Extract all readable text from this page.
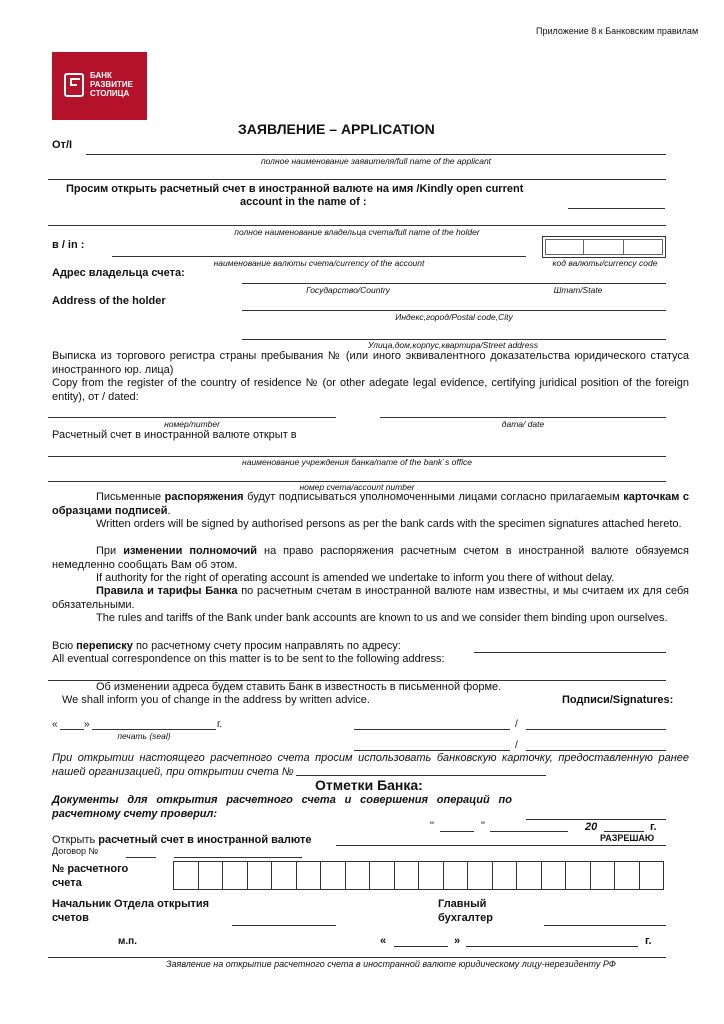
Приложение 8 к Банковским правилам
БАНК
РАЗВИТИЕ
СТОЛИЦА
ЗАЯВЛЕНИЕ – APPLICATION
От/I
полное наименование заявителя/full name of the applicant
Просим открыть расчетный счет в иностранной валюте на имя /Kindly open current
account in the name of :
полное наименование владельца счета/full name of the holder
в / in :
наименование валюты счета/currency of the account	код валюты/currency code
Адрес владельца счета:
Государство/Country	Штат/State
Address of the holder
Индекс,город/Postal code,City
Улица,дом,корпус,квартира/Street address
Выписка из торгового регистра страны пребывания № (или иного эквивалентного доказательства юридического статуса иностранного юр. лица)
Copy from the register of the country of residence № (or other adegate legal evidence, certifying juridical position of the foreign entity), от / dated:
номер/number	дата/ date
Расчетный счет в иностранной валюте открыт в
наименование учреждения банка/name of the bank`s office
номер счета/account number
Письменные распоряжения будут подписываться уполномоченными лицами согласно прилагаемым карточкам с образцами подписей.
Written orders will be signed by authorised persons as per the bank cards with the specimen signatures attached hereto.
При изменении полномочий на право распоряжения расчетным счетом в иностранной валюте обязуемся немедленно сообщать Вам об этом.
If authority for the right of operating account is amended we undertake to inform you there of without delay.
Правила и тарифы Банка по расчетным счетам в иностранной валюте нам известны, и мы считаем их для себя обязательными.
The rules and tariffs of the Bank under bank accounts are known to us and we consider them binding upon ourselves.
Всю переписку по расчетному счету просим направлять по адресу:
All eventual correspondence on this matter is to be sent to the following address:
Об изменении адреса будем ставить Банк в известность в письменной форме.
We shall inform you of change in the address by written advice.	Подписи/Signatures:
«	»	г.
печать (seal)
/
/
При открытии настоящего расчетного счета просим использовать банковскую карточку, предоставленную ранее нашей организацией, при открытии счета №
Отметки Банка:
Документы для открытия расчетного счета и совершения операций по расчетному счету проверил:
"	"	20	г.
РАЗРЕШАЮ
Открыть расчетный счет в иностранной валюте
Договор №
№ расчетного
счета
Начальник Отдела открытия
счетов
Главный
бухгалтер
м.п.	«	»	г.
Заявление на открытие расчетного счета в иностранной валюте юридическому лицу-нерезиденту РФ
